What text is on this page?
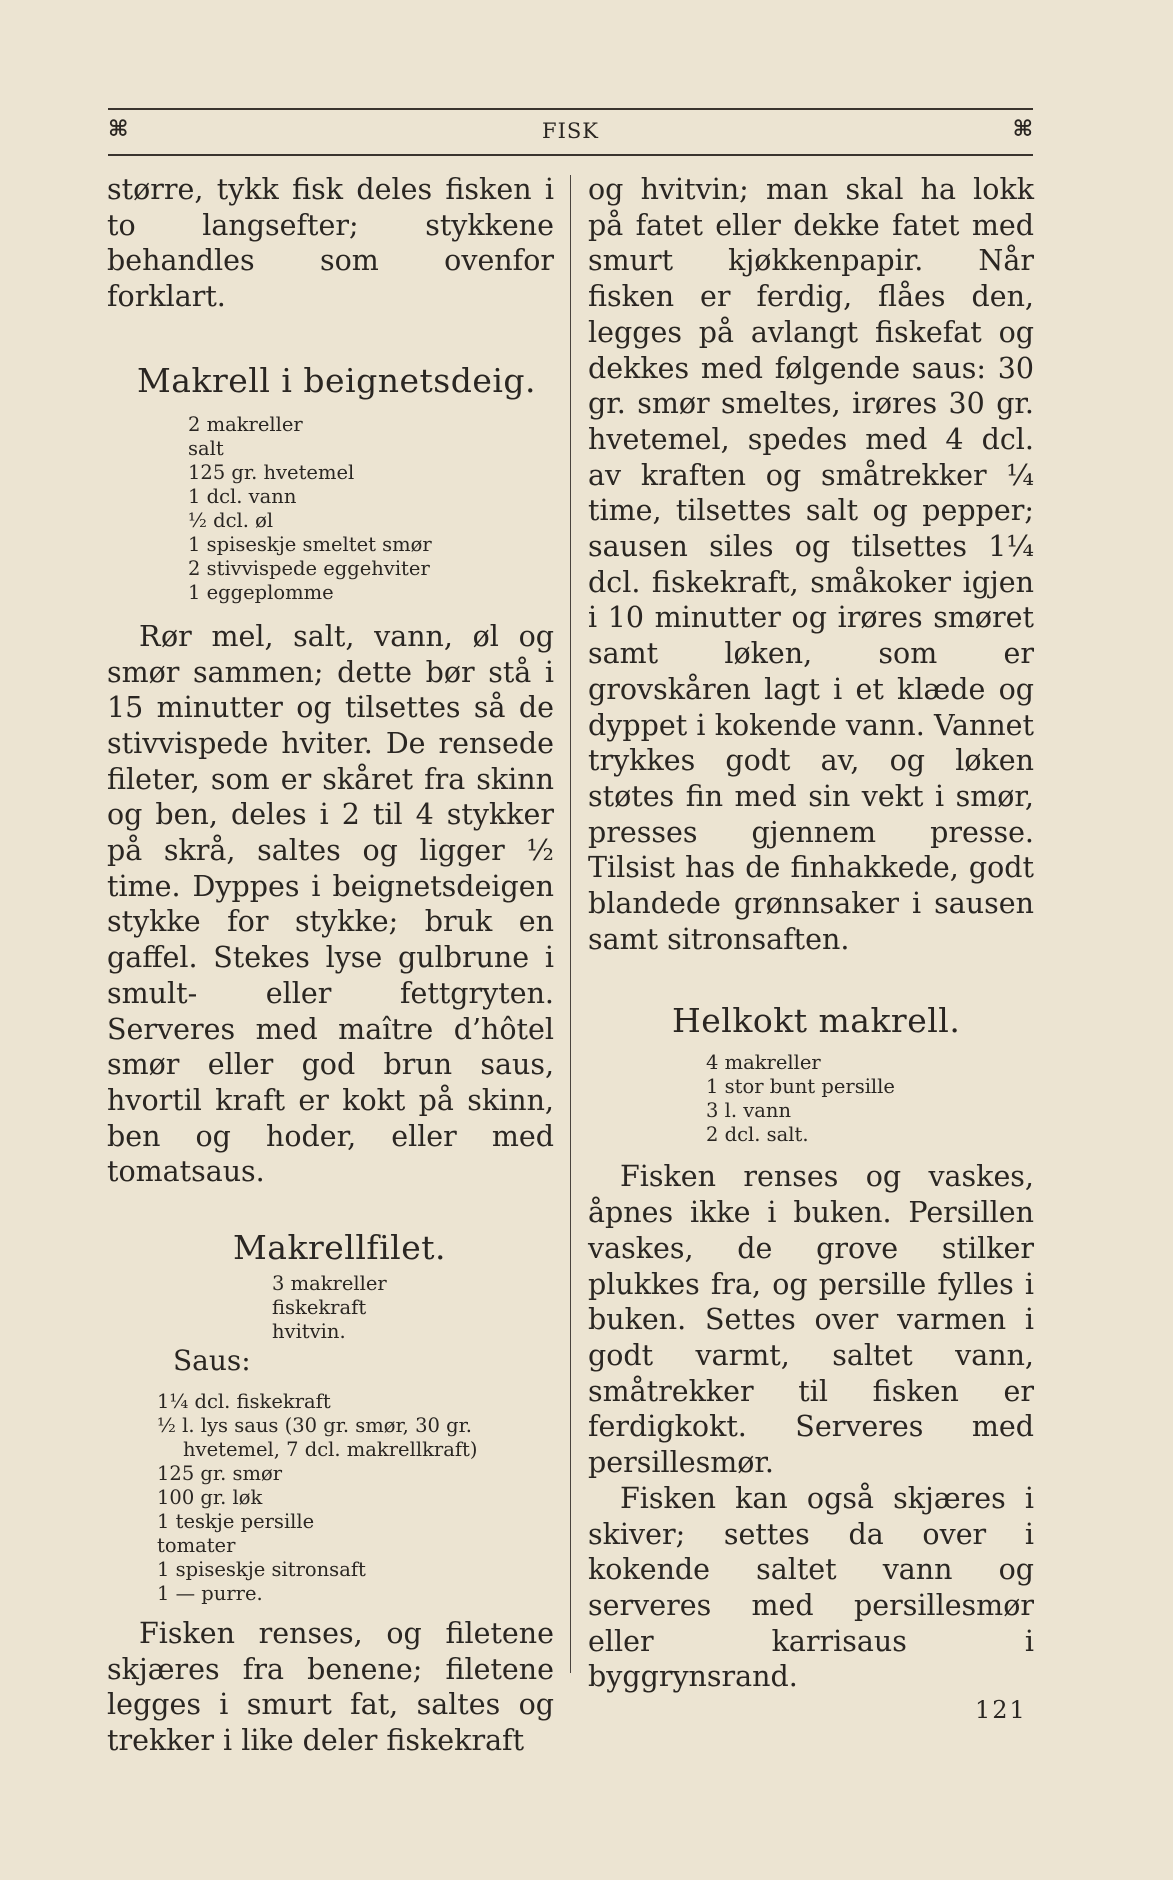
⌘	FISK	⌘

større, tykk fisk deles fisken i to langsefter; stykkene behandles som ovenfor forklart.

Makrell i beignetsdeig.
2 makreller
salt
125 gr. hvetemel
1 dcl. vann
½ dcl. øl
1 spiseskje smeltet smør
2 stivvispede eggehviter
1 eggeplomme

Rør mel, salt, vann, øl og smør sammen; dette bør stå i 15 minutter og tilsettes så de stivvispede hviter. De rensede fileter, som er skåret fra skinn og ben, deles i 2 til 4 stykker på skrå, saltes og ligger ½ time. Dyppes i beignetsdeigen stykke for stykke; bruk en gaffel. Stekes lyse gulbrune i smult- eller fettgryten. Serveres med maître d’hôtel smør eller god brun saus, hvortil kraft er kokt på skinn, ben og hoder, eller med tomatsaus.

Makrellfilet.
3 makreller
fiskekraft
hvitvin.
Saus:
1¼ dcl. fiskekraft
½ l. lys saus (30 gr. smør, 30 gr.
hvetemel, 7 dcl. makrellkraft)
125 gr. smør
100 gr. løk
1 teskje persille
tomater
1 spiseskje sitronsaft
1 — purre.

Fisken renses, og filetene skjæres fra benene; filetene legges i smurt fat, saltes og trekker i like deler fiskekraft

og hvitvin; man skal ha lokk på fatet eller dekke fatet med smurt kjøkkenpapir. Når fisken er ferdig, flåes den, legges på avlangt fiskefat og dekkes med følgende saus: 30 gr. smør smeltes, irøres 30 gr. hvetemel, spedes med 4 dcl. av kraften og småtrekker ¼ time, tilsettes salt og pepper; sausen siles og tilsettes 1¼ dcl. fiskekraft, småkoker igjen i 10 minutter og irøres smøret samt løken, som er grovskåren lagt i et klæde og dyppet i kokende vann. Vannet trykkes godt av, og løken støtes fin med sin vekt i smør, presses gjennem presse. Tilsist has de finhakkede, godt blandede grønnsaker i sausen samt sitronsaften.

Helkokt makrell.
4 makreller
1 stor bunt persille
3 l. vann
2 dcl. salt.

Fisken renses og vaskes, åpnes ikke i buken. Persillen vaskes, de grove stilker plukkes fra, og persille fylles i buken. Settes over varmen i godt varmt, saltet vann, småtrekker til fisken er ferdigkokt. Serveres med persillesmør.

Fisken kan også skjæres i skiver; settes da over i kokende saltet vann og serveres med persillesmør eller karrisaus i byggrynsrand.

121
